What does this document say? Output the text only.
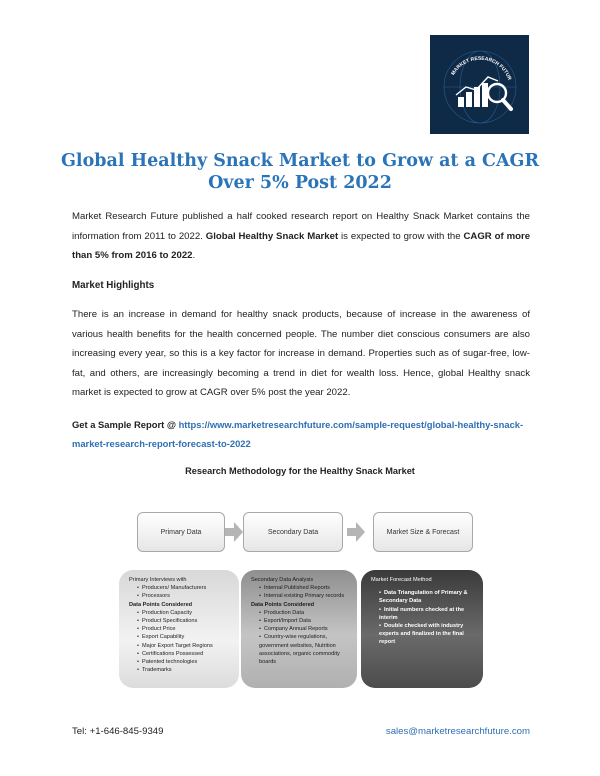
MARKET RESEARCH FUTUR
Global Healthy Snack Market to Grow at a CAGR Over 5% Post 2022
Market Research Future published a half cooked research report on Healthy Snack Market contains the information from 2011 to 2022. Global Healthy Snack Market is expected to grow with the CAGR of more than 5% from 2016 to 2022.
Market Highlights
There is an increase in demand for healthy snack products, because of increase in the awareness of various health benefits for the health concerned people. The number diet conscious consumers are also increasing every year, so this is a key factor for increase in demand. Properties such as of sugar-free, low- fat, and others, are increasingly becoming a trend in diet for wealth loss. Hence, global Healthy snack market is expected to grow at CAGR over 5% post the year 2022.
Get a Sample Report @ https://www.marketresearchfuture.com/sample-request/global-healthy-snack-market-research-report-forecast-to-2022
Research Methodology for the Healthy Snack Market
Primary Data	Secondary Data	Market Size & Forecast
Primary Interviews with
• Producers/ Manufacturers
• Processors
Data Points Considered
• Production Capacity
• Product Specifications
• Product Price
• Export Capability
• Major Export Target Regions
• Certifications Possessed
• Patented technologies
• Trademarks
Secondary Data Analysis
• Internal Published Reports
• Internal existing Primary records
Data Points Considered
• Production Data
• Export/Import Data
• Company Annual Reports
• Country-wise regulations, government websites, Nutrition associations, organic commodity boards
Market Forecast Method
• Data Triangulation of Primary & Secondary Data
• Initial numbers checked at the interim
• Double checked with industry experts and finalized in the final report
Tel: +1-646-845-9349	sales@marketresearchfuture.com
